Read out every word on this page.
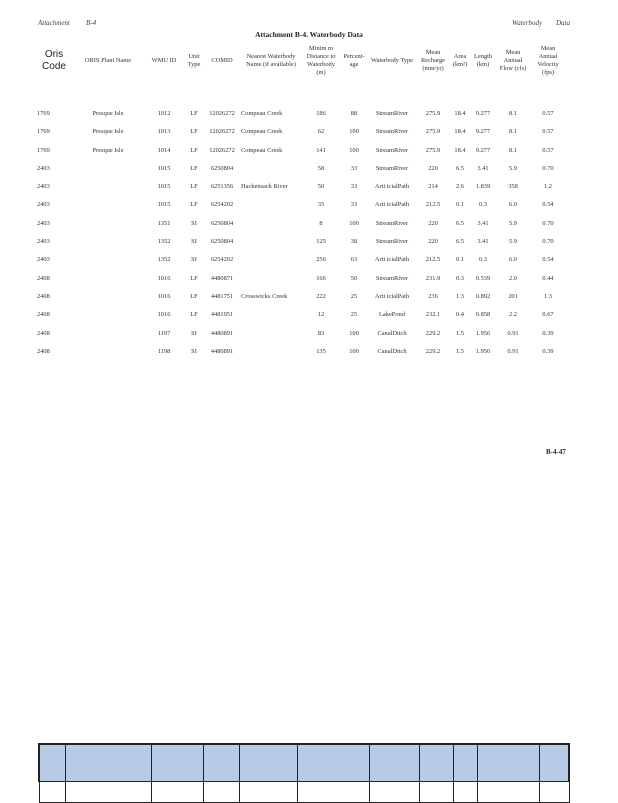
Attachment B-4	Waterbody Data
Attachment B-4. Waterbody Data
Oris Code	ORIS Plant Name	WMU ID	Unit Type	COMID	Nearest Waterbody Name (if available)	Minim m Distance to Waterbody (m)	Percent-age	Waterbody Type	Mean Recharge (mm/yr)	Area (km²)	Length (km)	Mean Annual Flow (cfs)	Mean Annual Velocity (fps)

1769	Presque Isle	1012	LF	12026272	Compeau Creek	186	88	StreamRiver	275.9	18.4	9.277	8.1	0.57
1769	Presque Isle	1013	LF	12026272	Compeau Creek	62	100	StreamRiver	275.9	18.4	9.277	8.1	0.57
1769	Presque Isle	1014	LF	12026272	Compeau Creek	141	100	StreamRiver	275.9	18.4	9.277	8.1	0.57
2403		1015	LF	6250804		58	33	StreamRiver	220	6.5	3.41	5.9	0.70
2403		1015	LF	6251356	Hackensack River	50	33	Arti icialPath	214	2.6	1.839	358	1.2
2403		1015	LF	6254202		35	33	Arti icialPath	212.5	0.1	0.3	6.0	0.54
2403		1351	SI	6250804		8	100	StreamRiver	220	6.5	3.41	5.9	0.70
2403		1352	SI	6250804		125	38	StreamRiver	220	6.5	3.41	5.9	0.70
2403		1352	SI	6254202		256	63	Arti icialPath	212.5	0.1	0.3	6.0	0.54
2408		1016	LF	4480871		166	50	StreamRiver	231.9	0.3	0.539	2.0	0.44
2408		1016	LF	4481751	Crosswicks Creek	222	25	Arti icialPath	236	1.3	0.892	201	1.3
2408		1016	LF	4481951		12	25	LakePond	232.1	0.4	0.858	2.2	0.67
2408		1197	SI	4480891		83	100	CanalDitch	229.2	1.5	1.956	0.91	0.39
2408		1198	SI	4480891		135	100	CanalDitch	229.2	1.5	1.956	0.91	0.39
B-4-47
